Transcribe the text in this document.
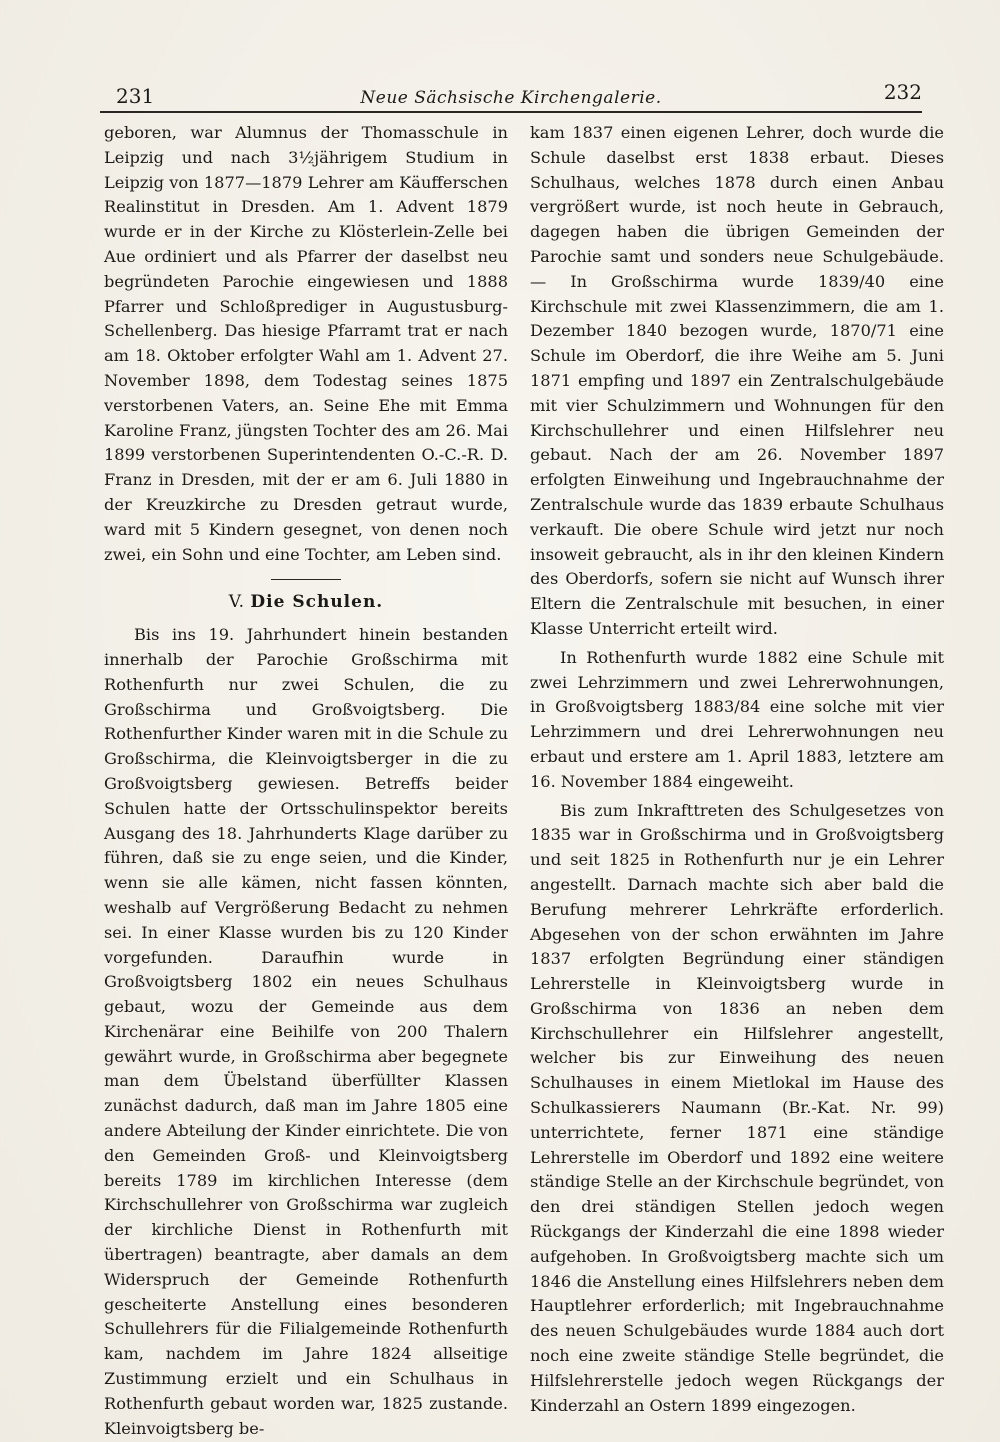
231	Neue Sächsische Kirchengalerie.	232

geboren, war Alumnus der Thomasschule in Leipzig und nach 3½jährigem Studium in Leipzig von 1877—1879 Lehrer am Käufferschen Realinstitut in Dresden. Am 1. Advent 1879 wurde er in der Kirche zu Klösterlein-Zelle bei Aue ordiniert und als Pfarrer der daselbst neu begründeten Parochie eingewiesen und 1888 Pfarrer und Schloßprediger in Augustusburg-Schellenberg. Das hiesige Pfarramt trat er nach am 18. Oktober erfolgter Wahl am 1. Advent 27. November 1898, dem Todestag seines 1875 verstorbenen Vaters, an. Seine Ehe mit Emma Karoline Franz, jüngsten Tochter des am 26. Mai 1899 verstorbenen Superintendenten O.-C.-R. D. Franz in Dresden, mit der er am 6. Juli 1880 in der Kreuzkirche zu Dresden getraut wurde, ward mit 5 Kindern gesegnet, von denen noch zwei, ein Sohn und eine Tochter, am Leben sind.

V. Die Schulen.

Bis ins 19. Jahrhundert hinein bestanden innerhalb der Parochie Großschirma mit Rothenfurth nur zwei Schulen, die zu Großschirma und Großvoigtsberg. Die Rothenfurther Kinder waren mit in die Schule zu Großschirma, die Kleinvoigtsberger in die zu Großvoigtsberg gewiesen. Betreffs beider Schulen hatte der Ortsschulinspektor bereits Ausgang des 18. Jahrhunderts Klage darüber zu führen, daß sie zu enge seien, und die Kinder, wenn sie alle kämen, nicht fassen könnten, weshalb auf Vergrößerung Bedacht zu nehmen sei. In einer Klasse wurden bis zu 120 Kinder vorgefunden. Daraufhin wurde in Großvoigtsberg 1802 ein neues Schulhaus gebaut, wozu der Gemeinde aus dem Kirchenärar eine Beihilfe von 200 Thalern gewährt wurde, in Großschirma aber begegnete man dem Übelstand überfüllter Klassen zunächst dadurch, daß man im Jahre 1805 eine andere Abteilung der Kinder einrichtete. Die von den Gemeinden Groß- und Kleinvoigtsberg bereits 1789 im kirchlichen Interesse (dem Kirchschullehrer von Großschirma war zugleich der kirchliche Dienst in Rothenfurth mit übertragen) beantragte, aber damals an dem Widerspruch der Gemeinde Rothenfurth gescheiterte Anstellung eines besonderen Schullehrers für die Filialgemeinde Rothenfurth kam, nachdem im Jahre 1824 allseitige Zustimmung erzielt und ein Schulhaus in Rothenfurth gebaut worden war, 1825 zustande. Kleinvoigtsberg be-

kam 1837 einen eigenen Lehrer, doch wurde die Schule daselbst erst 1838 erbaut. Dieses Schulhaus, welches 1878 durch einen Anbau vergrößert wurde, ist noch heute in Gebrauch, dagegen haben die übrigen Gemeinden der Parochie samt und sonders neue Schulgebäude. — In Großschirma wurde 1839/40 eine Kirchschule mit zwei Klassenzimmern, die am 1. Dezember 1840 bezogen wurde, 1870/71 eine Schule im Oberdorf, die ihre Weihe am 5. Juni 1871 empfing und 1897 ein Zentralschulgebäude mit vier Schulzimmern und Wohnungen für den Kirchschullehrer und einen Hilfslehrer neu gebaut. Nach der am 26. November 1897 erfolgten Einweihung und Ingebrauchnahme der Zentralschule wurde das 1839 erbaute Schulhaus verkauft. Die obere Schule wird jetzt nur noch insoweit gebraucht, als in ihr den kleinen Kindern des Oberdorfs, sofern sie nicht auf Wunsch ihrer Eltern die Zentralschule mit besuchen, in einer Klasse Unterricht erteilt wird.

In Rothenfurth wurde 1882 eine Schule mit zwei Lehrzimmern und zwei Lehrerwohnungen, in Großvoigtsberg 1883/84 eine solche mit vier Lehrzimmern und drei Lehrerwohnungen neu erbaut und erstere am 1. April 1883, letztere am 16. November 1884 eingeweiht.

Bis zum Inkrafttreten des Schulgesetzes von 1835 war in Großschirma und in Großvoigtsberg und seit 1825 in Rothenfurth nur je ein Lehrer angestellt. Darnach machte sich aber bald die Berufung mehrerer Lehrkräfte erforderlich. Abgesehen von der schon erwähnten im Jahre 1837 erfolgten Begründung einer ständigen Lehrerstelle in Kleinvoigtsberg wurde in Großschirma von 1836 an neben dem Kirchschullehrer ein Hilfslehrer angestellt, welcher bis zur Einweihung des neuen Schulhauses in einem Mietlokal im Hause des Schulkassierers Naumann (Br.-Kat. Nr. 99) unterrichtete, ferner 1871 eine ständige Lehrerstelle im Oberdorf und 1892 eine weitere ständige Stelle an der Kirchschule begründet, von den drei ständigen Stellen jedoch wegen Rückgangs der Kinderzahl die eine 1898 wieder aufgehoben. In Großvoigtsberg machte sich um 1846 die Anstellung eines Hilfslehrers neben dem Hauptlehrer erforderlich; mit Ingebrauchnahme des neuen Schulgebäudes wurde 1884 auch dort noch eine zweite ständige Stelle begründet, die Hilfslehrerstelle jedoch wegen Rückgangs der Kinderzahl an Ostern 1899 eingezogen.
